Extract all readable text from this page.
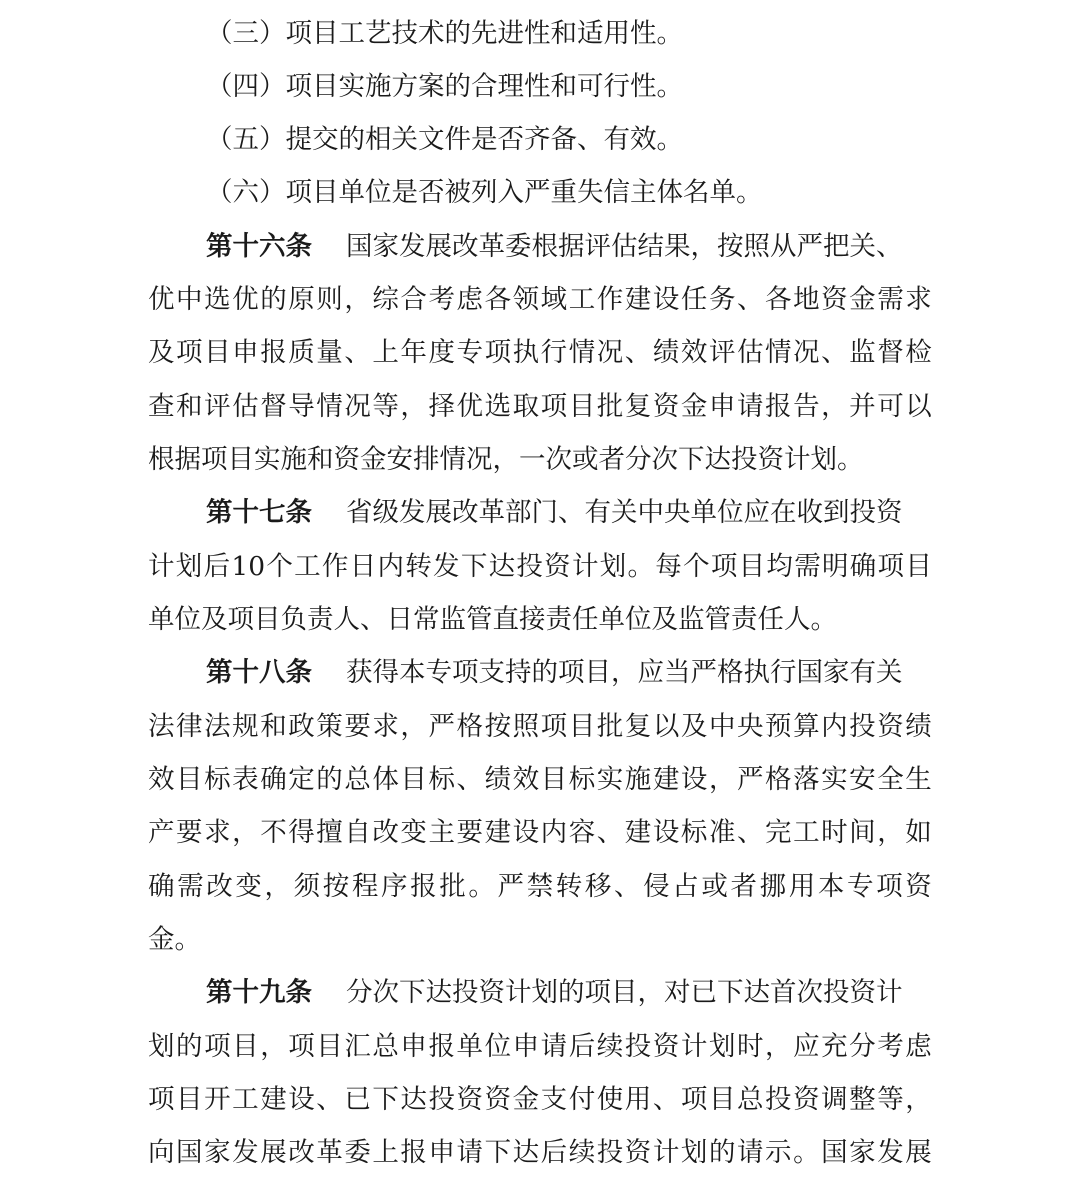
（三）项目工艺技术的先进性和适用性。
（四）项目实施方案的合理性和可行性。
（五）提交的相关文件是否齐备、有效。
（六）项目单位是否被列入严重失信主体名单。
第十六条 国家发展改革委根据评估结果，按照从严把关、
优 中 选 优 的 原 则 ， 综 合 考 虑 各 领 域 工 作 建 设 任 务 、 各 地 资 金 需 求
及 项 目 申 报 质 量 、 上 年 度 专 项 执 行 情 况 、 绩 效 评 估 情 况 、 监 督 检
查 和 评 估 督 导 情 况 等 ， 择 优 选 取 项 目 批 复 资 金 申 请 报 告 ， 并 可 以
根据项目实施和资金安排情况，一次或者分次下达投资计划。
第十七条 省级发展改革部门、有关中央单位应在收到投资
计 划 后 10 个 工 作 日 内 转 发 下 达 投 资 计 划 。 每 个 项 目 均 需 明 确 项 目
单位及项目负责人、日常监管直接责任单位及监管责任人。
第十八条 获得本专项支持的项目，应当严格执行国家有关
法 律 法 规 和 政 策 要 求 ， 严 格 按 照 项 目 批 复 以 及 中 央 预 算 内 投 资 绩
效 目 标 表 确 定 的 总 体 目 标 、 绩 效 目 标 实 施 建 设 ， 严 格 落 实 安 全 生
产 要 求 ， 不 得 擅 自 改 变 主 要 建 设 内 容 、 建 设 标 准 、 完 工 时 间 ， 如
确 需 改 变 ， 须 按 程 序 报 批 。 严 禁 转 移 、 侵 占 或 者 挪 用 本 专 项 资
金。
第十九条 分次下达投资计划的项目，对已下达首次投资计
划 的 项 目 ， 项 目 汇 总 申 报 单 位 申 请 后 续 投 资 计 划 时 ， 应 充 分 考 虑
项 目 开 工 建 设 、 已 下 达 投 资 资 金 支 付 使 用 、 项 目 总 投 资 调 整 等 ，
向 国 家 发 展 改 革 委 上 报 申 请 下 达 后 续 投 资 计 划 的 请 示 。 国 家 发 展
